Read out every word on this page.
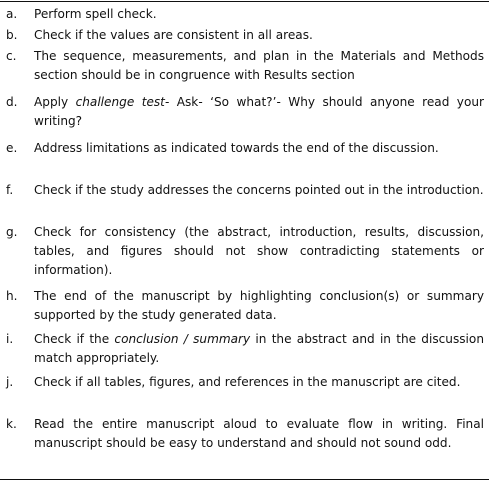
a. Perform spell check.
b. Check if the values are consistent in all areas.
c. The sequence, measurements, and plan in the Materials and Methods section should be in congruence with Results section
d. Apply challenge test- Ask- ‘So what?’- Why should anyone read your writing?
e. Address limitations as indicated towards the end of the discussion.
f. Check if the study addresses the concerns pointed out in the introduction.
g. Check for consistency (the abstract, introduction, results, discussion, tables, and figures should not show contradicting statements or information).
h. The end of the manuscript by highlighting conclusion(s) or summary supported by the study generated data.
i. Check if the conclusion / summary in the abstract and in the discussion match appropriately.
j. Check if all tables, figures, and references in the manuscript are cited.
k. Read the entire manuscript aloud to evaluate flow in writing. Final manuscript should be easy to understand and should not sound odd.
